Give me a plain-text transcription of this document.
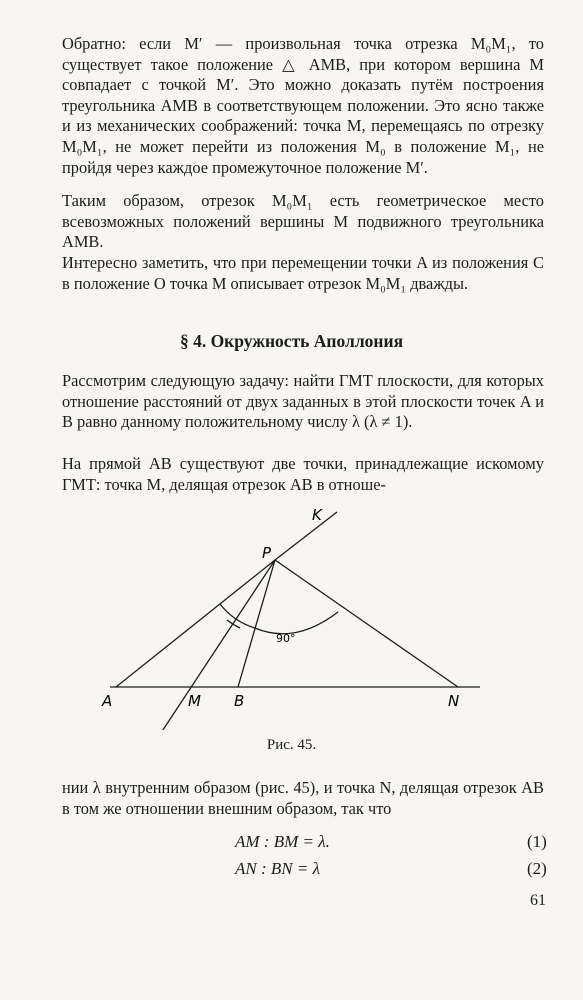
Обратно: если M′ — произвольная точка отрезка M₀M₁, то существует такое положение △ AMB, при котором вершина M совпадает с точкой M′. Это можно доказать путём построения треугольника AMB в соответствующем положении. Это ясно также и из механических соображений: точка M, перемещаясь по отрезку M₀M₁, не может перейти из положения M₀ в положение M₁, не пройдя через каждое промежуточное положение M′.
Таким образом, отрезок M₀M₁ есть геометрическое место всевозможных положений вершины M подвижного треугольника AMB.
Интересно заметить, что при перемещении точки A из положения C в положение O точка M описывает отрезок M₀M₁ дважды.
§ 4. Окружность Аполлония
Рассмотрим следующую задачу: найти ГМТ плоскости, для которых отношение расстояний от двух заданных в этой плоскости точек A и B равно данному положительному числу λ (λ ≠ 1).
На прямой AB существуют две точки, принадлежащие искомому ГМТ: точка M, делящая отрезок AB в отноше-
K
P
A	M B	N
90°
Рис. 45.
нии λ внутренним образом (рис. 45), и точка N, делящая отрезок AB в том же отношении внешним образом, так что
AM : BM = λ.	(1)
AN : BN = λ	(2)
61
